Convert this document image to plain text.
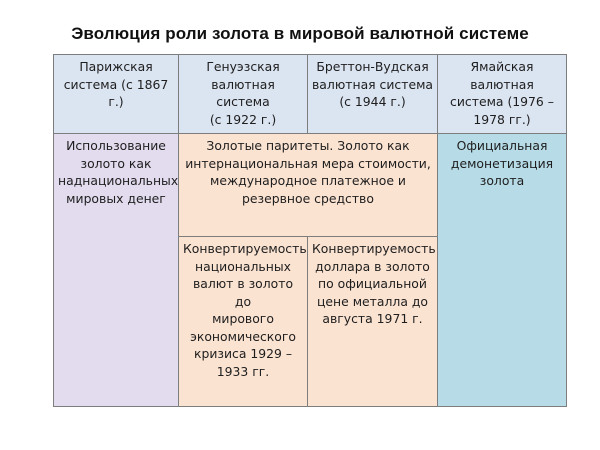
Эволюция роли золота в мировой валютной системе
Парижская
система (с 1867 г.)
Генуэзская
валютная система
(с 1922 г.)
Бреттон-Вудская
валютная система
(с 1944 г.)
Ямайская валютная
система (1976 –
1978 гг.)
Использование
золото как
наднациональных
мировых денег
Золотые паритеты. Золото как
интернациональная мера стоимости,
международное платежное и
резервное средство
Официальная
демонетизация
золота
Конвертируемость
национальных
валют в золото до
мирового
экономического
кризиса 1929 –
1933 гг.
Конвертируемость
доллара в золото
по официальной
цене металла до
августа 1971 г.
